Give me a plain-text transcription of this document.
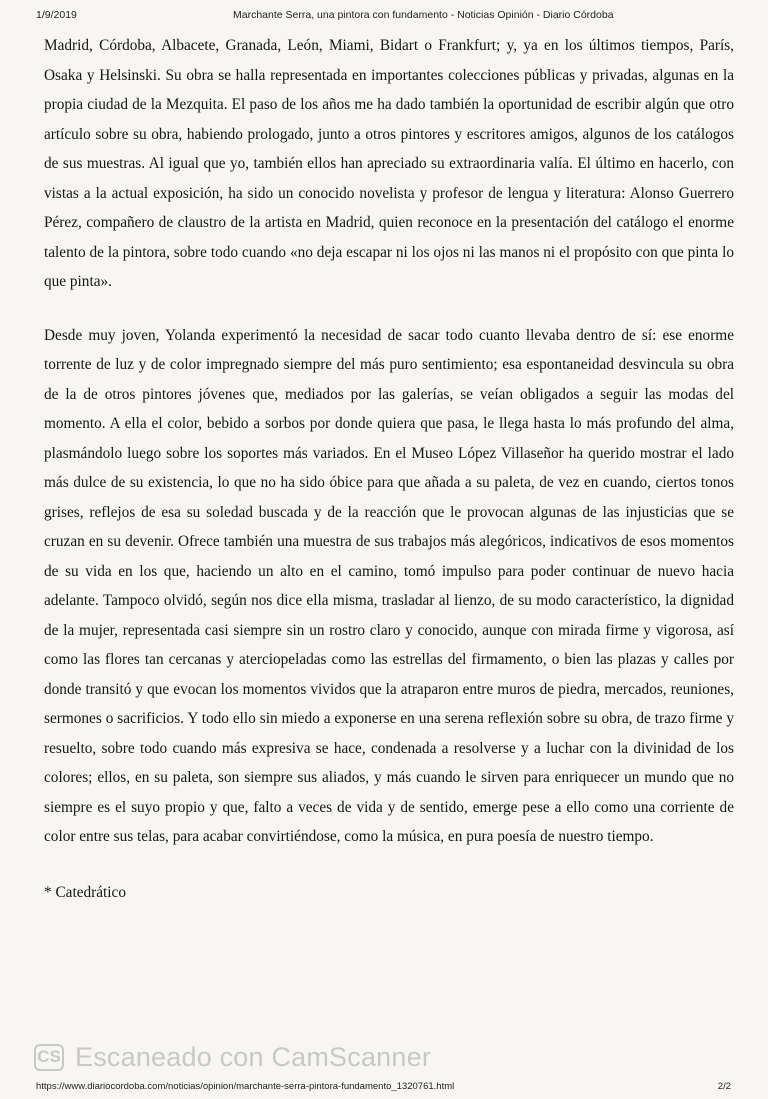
1/9/2019	Marchante Serra, una pintora con fundamento - Noticias Opinión - Diario Córdoba

Madrid, Córdoba, Albacete, Granada, León, Miami, Bidart o Frankfurt; y, ya en los últimos tiempos, París, Osaka y Helsinski. Su obra se halla representada en importantes colecciones públicas y privadas, algunas en la propia ciudad de la Mezquita. El paso de los años me ha dado también la oportunidad de escribir algún que otro artículo sobre su obra, habiendo prologado, junto a otros pintores y escritores amigos, algunos de los catálogos de sus muestras. Al igual que yo, también ellos han apreciado su extraordinaria valía. El último en hacerlo, con vistas a la actual exposición, ha sido un conocido novelista y profesor de lengua y literatura: Alonso Guerrero Pérez, compañero de claustro de la artista en Madrid, quien reconoce en la presentación del catálogo el enorme talento de la pintora, sobre todo cuando «no deja escapar ni los ojos ni las manos ni el propósito con que pinta lo que pinta».

Desde muy joven, Yolanda experimentó la necesidad de sacar todo cuanto llevaba dentro de sí: ese enorme torrente de luz y de color impregnado siempre del más puro sentimiento; esa espontaneidad desvincula su obra de la de otros pintores jóvenes que, mediados por las galerías, se veían obligados a seguir las modas del momento. A ella el color, bebido a sorbos por donde quiera que pasa, le llega hasta lo más profundo del alma, plasmándolo luego sobre los soportes más variados. En el Museo López Villaseñor ha querido mostrar el lado más dulce de su existencia, lo que no ha sido óbice para que añada a su paleta, de vez en cuando, ciertos tonos grises, reflejos de esa su soledad buscada y de la reacción que le provocan algunas de las injusticias que se cruzan en su devenir. Ofrece también una muestra de sus trabajos más alegóricos, indicativos de esos momentos de su vida en los que, haciendo un alto en el camino, tomó impulso para poder continuar de nuevo hacia adelante. Tampoco olvidó, según nos dice ella misma, trasladar al lienzo, de su modo característico, la dignidad de la mujer, representada casi siempre sin un rostro claro y conocido, aunque con mirada firme y vigorosa, así como las flores tan cercanas y aterciopeladas como las estrellas del firmamento, o bien las plazas y calles por donde transitó y que evocan los momentos vividos que la atraparon entre muros de piedra, mercados, reuniones, sermones o sacrificios. Y todo ello sin miedo a exponerse en una serena reflexión sobre su obra, de trazo firme y resuelto, sobre todo cuando más expresiva se hace, condenada a resolverse y a luchar con la divinidad de los colores; ellos, en su paleta, son siempre sus aliados, y más cuando le sirven para enriquecer un mundo que no siempre es el suyo propio y que, falto a veces de vida y de sentido, emerge pese a ello como una corriente de color entre sus telas, para acabar convirtiéndose, como la música, en pura poesía de nuestro tiempo.

* Catedrático

CS Escaneado con CamScanner
https://www.diariocordoba.com/noticias/opinion/marchante-serra-pintora-fundamento_1320761.html	2/2
